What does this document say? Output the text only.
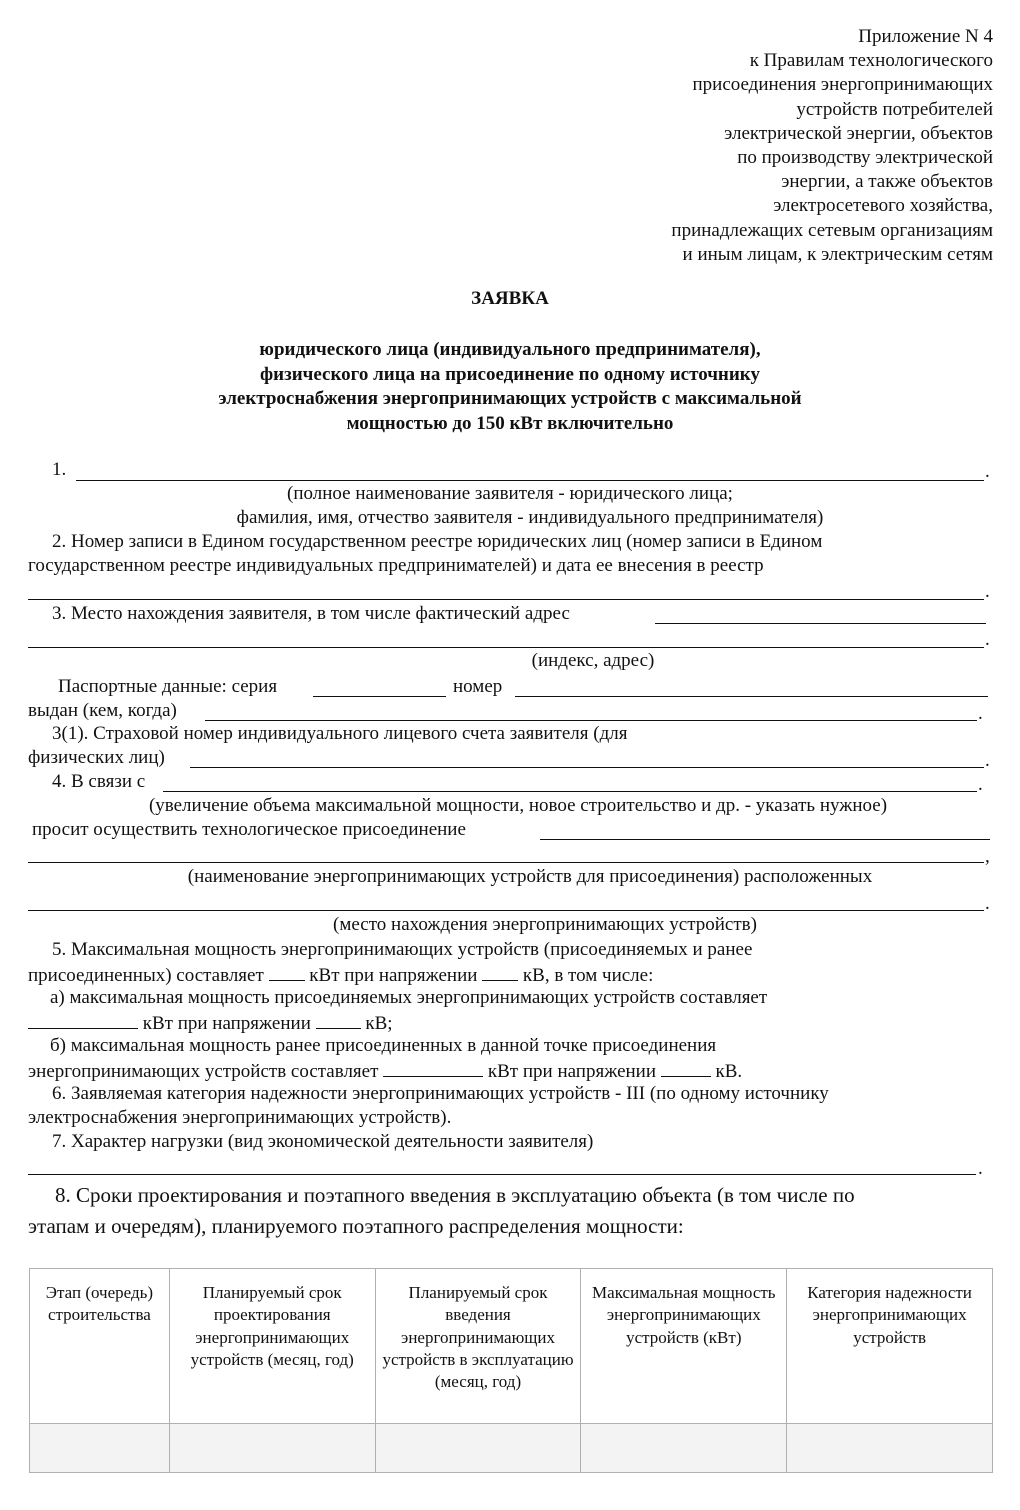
Приложение N 4
к Правилам технологического
присоединения энергопринимающих
устройств потребителей
электрической энергии, объектов
по производству электрической
энергии, а также объектов
электросетевого хозяйства,
принадлежащих сетевым организациям
и иным лицам, к электрическим сетям
ЗАЯВКА
юридического лица (индивидуального предпринимателя),
физического лица на присоединение по одному источнику
электроснабжения энергопринимающих устройств с максимальной
мощностью до 150 кВт включительно
1.	.
(полное наименование заявителя - юридического лица;
фамилия, имя, отчество заявителя - индивидуального предпринимателя)
2. Номер записи в Едином государственном реестре юридических лиц (номер записи в Едином
государственном реестре индивидуальных предпринимателей) и дата ее внесения в реестр
.
3. Место нахождения заявителя, в том числе фактический адрес
.
(индекс, адрес)
Паспортные данные: серия	номер
выдан (кем, когда)	.
3(1). Страховой номер индивидуального лицевого счета заявителя (для
физических лиц)	.
4. В связи с	.
(увеличение объема максимальной мощности, новое строительство и др. - указать нужное)
просит осуществить технологическое присоединение
,
(наименование энергопринимающих устройств для присоединения) расположенных
.
(место нахождения энергопринимающих устройств)
5. Максимальная мощность энергопринимающих устройств (присоединяемых и ранее
присоединенных) составляет кВт при напряжении кВ, в том числе:
а) максимальная мощность присоединяемых энергопринимающих устройств составляет
кВт при напряжении	кВ;
б) максимальная мощность ранее присоединенных в данной точке присоединения
энергопринимающих устройств составляет	кВт при напряжении	кВ.
6. Заявляемая категория надежности энергопринимающих устройств - III (по одному источнику
электроснабжения энергопринимающих устройств).
7. Характер нагрузки (вид экономической деятельности заявителя)
.
8. Сроки проектирования и поэтапного введения в эксплуатацию объекта (в том числе по
этапам и очередям), планируемого поэтапного распределения мощности:
Этап (очередь) строительства	Планируемый срок проектирования энергопринимающих устройств (месяц, год)	Планируемый срок введения энергопринимающих устройств в эксплуатацию (месяц, год)	Максимальная мощность энергопринимающих устройств (кВт)	Категория надежности энергопринимающих устройств
